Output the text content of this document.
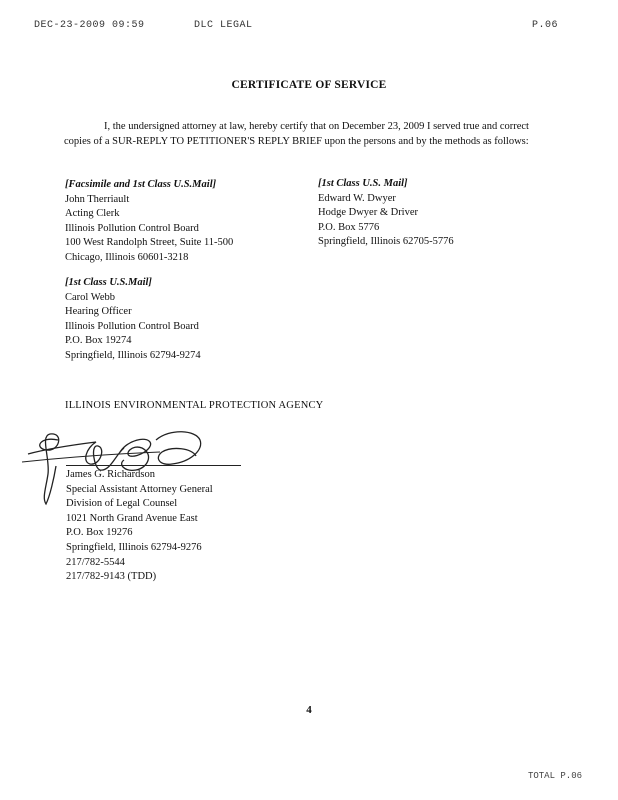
DEC-23-2009 09:59	DLC LEGAL	P.06
CERTIFICATE OF SERVICE

I, the undersigned attorney at law, hereby certify that on December 23, 2009 I served true and correct copies of a SUR-REPLY TO PETITIONER'S REPLY BRIEF upon the persons and by the methods as follows:

[Facsimile and 1st Class U.S.Mail]
John Therriault
Acting Clerk
Illinois Pollution Control Board
100 West Randolph Street, Suite 11-500
Chicago, Illinois 60601-3218
[1st Class U.S. Mail]
Edward W. Dwyer
Hodge Dwyer & Driver
P.O. Box 5776
Springfield, Illinois 62705-5776
[1st Class U.S.Mail]
Carol Webb
Hearing Officer
Illinois Pollution Control Board
P.O. Box 19274
Springfield, Illinois 62794-9274
ILLINOIS ENVIRONMENTAL PROTECTION AGENCY
James G. Richardson
Special Assistant Attorney General
Division of Legal Counsel
1021 North Grand Avenue East
P.O. Box 19276
Springfield, Illinois 62794-9276
217/782-5544
217/782-9143 (TDD)
4
TOTAL P.06
